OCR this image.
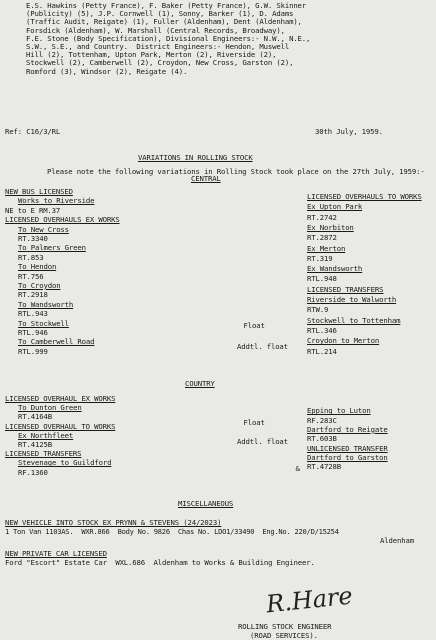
E.S. Hawkins (Petty France), F. Baker (Petty France), G.W. Skinner
(Publicity) (5), J.P. Cornwell (1), Sonny, Barker (1), D. Adams
(Traffic Audit, Reigate) (1), Fuller (Aldenham), Dent (Aldenham),
Forsdick (Aldenham), W. Marshall (Central Records, Broadway),
F.E. Stone (Body Specification), Divisional Engineers:- N.W., N.E.,
S.W., S.E., and Country.  District Engineers:- Hendon, Muswell
Hill (2), Tottenham, Upton Park, Merton (2), Riverside (2),
Stockwell (2), Camberwell (2), Croydon, New Cross, Garston (2),
Romford (3), Windsor (2), Reigate (4).
Ref: C16/3/RL	30th July, 1959.
VARIATIONS IN ROLLING STOCK
Please note the following variations in Rolling Stock took place on the 27th July, 1959:-
CENTRAL
NEW BUS LICENSED
Works to Riverside
NE to E RM.37
LICENSED OVERHAULS EX WORKS
To New Cross
RT.3340
To Palmers Green
RT.853
To Hendon
RT.756
To Croydon
RT.2918
To Wandsworth
RTL.943
To Stockwell
RTL.946
To Camberwell Road
RTL.999
Float
Addtl. float
LICENSED OVERHAULS TO WORKS
Ex Upton Park
RT.2742
Ex Norbiton
RT.2872
Ex Merton
RT.319
Ex Wandsworth
RTL.948
LICENSED TRANSFERS
Riverside to Walworth
RTW.9
Stockwell to Tottenham
RTL.346
Croydon to Merton
RTL.214
COUNTRY
LICENSED OVERHAUL EX WORKS
To Dunton Green
RT.4164B
LICENSED OVERHAUL TO WORKS
Ex Northfleet
RT.4125B
LICENSED TRANSFERS
Stevenage to Guildford
RF.1360
Float
Addtl. float
&
Epping to Luton
RF.283C
Dartford to Reigate
RT.603B
UNLICENSED TRANSFER
Dartford to Garston
RT.4728B
MISCELLANEOUS
NEW VEHICLE INTO STOCK EX PRYNN & STEVENS (24/2023)
1 Ton Van 1103AS.  WXR.866  Body No. 9826  Chas No. LDO1/33490  Eng.No. 220/D/15254
Aldenham
NEW PRIVATE CAR LICENSED
Ford "Escort" Estate Car  WXL.686  Aldenham to Works & Building Engineer.
R.Hare
ROLLING STOCK ENGINEER
(ROAD SERVICES).
